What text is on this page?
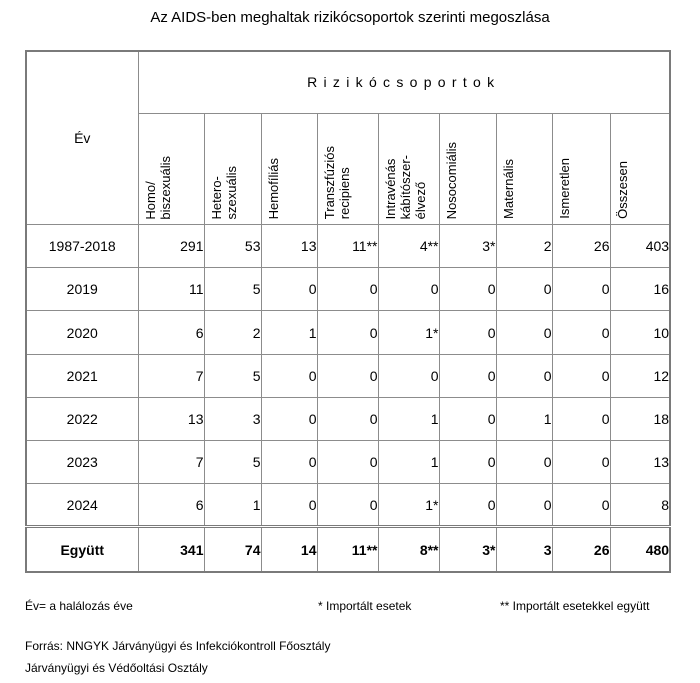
Az AIDS-ben meghaltak rizikócsoportok szerinti megoszlása
Év	Rizikócsoportok								

	Homo/
biszexuális	Hetero-
szexuális	Hemofíliás	Transzfúziós
recipiens	Intravénás
kábítószer-
élvező	Nosocomiális	Maternális	Ismeretlen	Összesen

1987-2018	291	53	13	11**	4**	3*	2	26	403
2019	11	5	0	0	0	0	0	0	16
2020	6	2	1	0	1*	0	0	0	10
2021	7	5	0	0	0	0	0	0	12
2022	13	3	0	0	1	0	1	0	18
2023	7	5	0	0	1	0	0	0	13
2024	6	1	0	0	1*	0	0	0	8
Együtt	341	74	14	11**	8**	3*	3	26	480
Év= a halálozás éve	* Importált esetek	** Importált esetekkel együtt
Forrás: NNGYK Járványügyi és Infekciókontroll Főosztály
Járványügyi és Védőoltási Osztály
